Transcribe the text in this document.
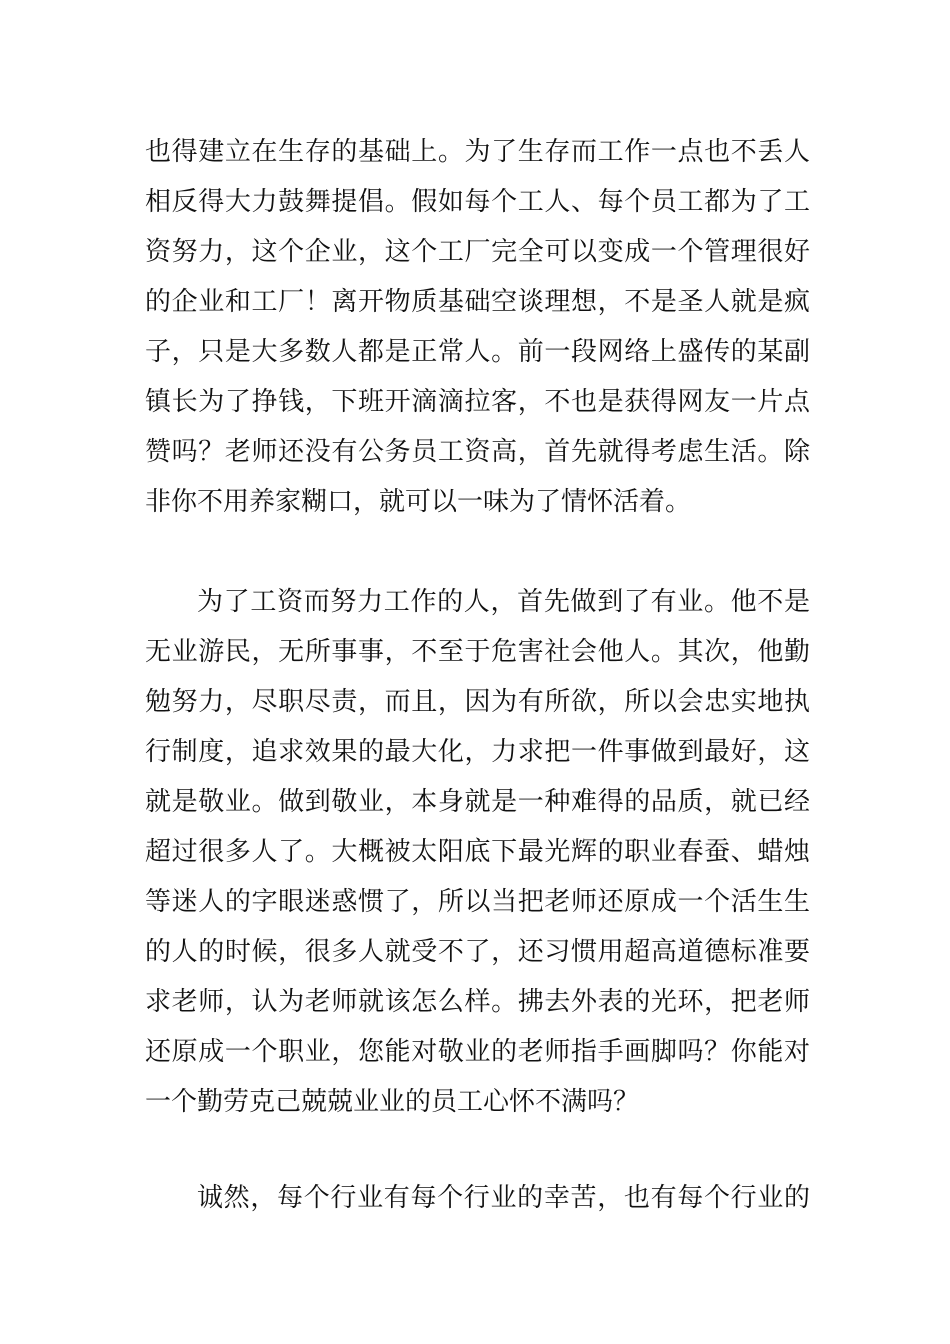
也得建立在生存的基础上。为了生存而工作一点也不丢人
相反得大力鼓舞提倡。假如每个工人、每个员工都为了工
资努力，这个企业，这个工厂完全可以变成一个管理很好
的企业和工厂！离开物质基础空谈理想，不是圣人就是疯
子，只是大多数人都是正常人。前一段网络上盛传的某副
镇长为了挣钱，下班开滴滴拉客，不也是获得网友一片点
赞吗？老师还没有公务员工资高，首先就得考虑生活。除
非你不用养家糊口，就可以一味为了情怀活着。
为了工资而努力工作的人，首先做到了有业。他不是
无业游民，无所事事，不至于危害社会他人。其次，他勤
勉努力，尽职尽责，而且，因为有所欲，所以会忠实地执
行制度，追求效果的最大化，力求把一件事做到最好，这
就是敬业。做到敬业，本身就是一种难得的品质，就已经
超过很多人了。大概被太阳底下最光辉的职业春蚕、蜡烛
等迷人的字眼迷惑惯了，所以当把老师还原成一个活生生
的人的时候，很多人就受不了，还习惯用超高道德标准要
求老师，认为老师就该怎么样。拂去外表的光环，把老师
还原成一个职业，您能对敬业的老师指手画脚吗？你能对
一个勤劳克己兢兢业业的员工心怀不满吗？
诚然，每个行业有每个行业的幸苦，也有每个行业的
